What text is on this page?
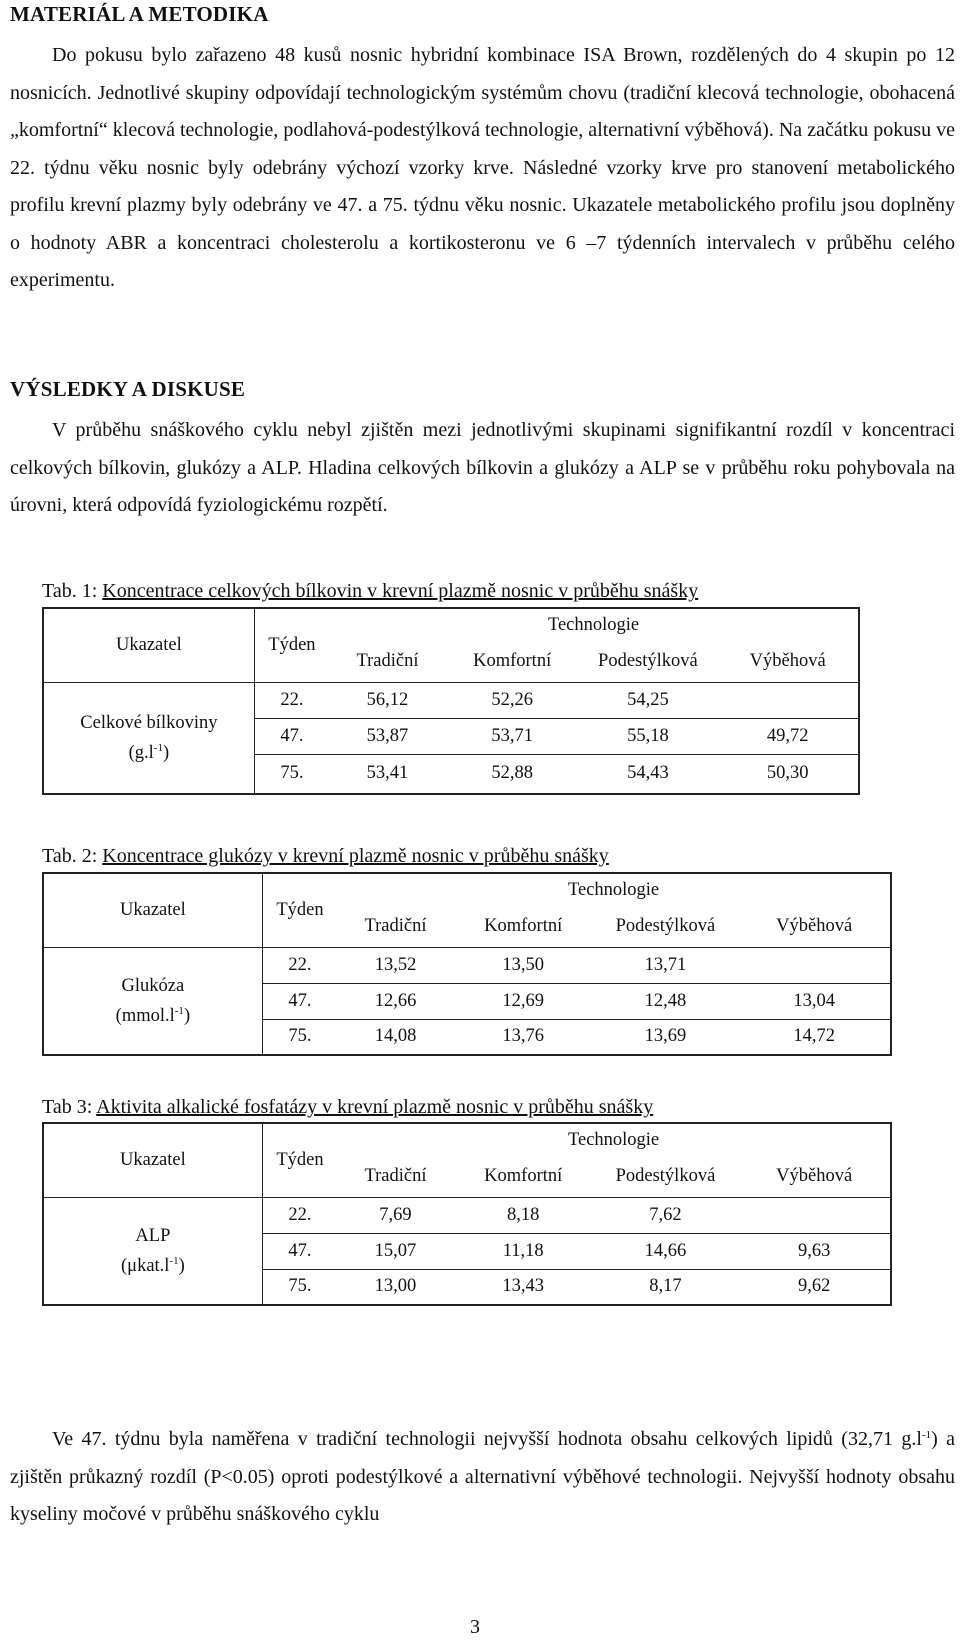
MATERIÁL A METODIKA

Do pokusu bylo zařazeno 48 kusů nosnic hybridní kombinace ISA Brown, rozdělených do 4 skupin po 12 nosnicích. Jednotlivé skupiny odpovídají technologickým systémům chovu (tradiční klecová technologie, obohacená „komfortní“ klecová technologie, podlahová-podestýlková technologie, alternativní výběhová). Na začátku pokusu ve 22. týdnu věku nosnic byly odebrány výchozí vzorky krve. Následné vzorky krve pro stanovení metabolického profilu krevní plazmy byly odebrány ve 47. a 75. týdnu věku nosnic. Ukazatele metabolického profilu jsou doplněny o hodnoty ABR a koncentraci cholesterolu a kortikosteronu ve 6 –7 týdenních intervalech v průběhu celého experimentu.

VÝSLEDKY A DISKUSE

V průběhu snáškového cyklu nebyl zjištěn mezi jednotlivými skupinami signifikantní rozdíl v koncentraci celkových bílkovin, glukózy a ALP. Hladina celkových bílkovin a glukózy a ALP se v průběhu roku pohybovala na úrovni, která odpovídá fyziologickému rozpětí.

Tab. 1: Koncentrace celkových bílkovin v krevní plazmě nosnic v průběhu snášky

Ukazatel	Týden	Technologie			
		Tradiční	Komfortní	Podestýlková	Výběhová

Celkové bílkoviny
$(g.l^{-1})$	22.	56,12	52,26	54,25	
	47.	53,87	53,71	55,18	49,72
	75.	53,41	52,88	54,43	50,30

Tab. 2: Koncentrace glukózy v krevní plazmě nosnic v průběhu snášky

Ukazatel	Týden	Technologie			
		Tradiční	Komfortní	Podestýlková	Výběhová

Glukóza
$(mmol.l^{-1})$	22.	13,52	13,50	13,71	
	47.	12,66	12,69	12,48	13,04
	75.	14,08	13,76	13,69	14,72

Tab 3: Aktivita alkalické fosfatázy v krevní plazmě nosnic v průběhu snášky

Ukazatel	Týden	Technologie			
		Tradiční	Komfortní	Podestýlková	Výběhová

ALP
$(\mu kat.l^{-1})$	22.	7,69	8,18	7,62	
	47.	15,07	11,18	14,66	9,63
	75.	13,00	13,43	8,17	9,62

Ve 47. týdnu byla naměřena v tradiční technologii nejvyšší hodnota obsahu celkových lipidů (32,71 $g.l^{-1}$) a zjištěn průkazný rozdíl (P<0.05) oproti podestýlkové a alternativní výběhové technologii. Nejvyšší hodnoty obsahu kyseliny močové v průběhu snáškového cyklu

3
